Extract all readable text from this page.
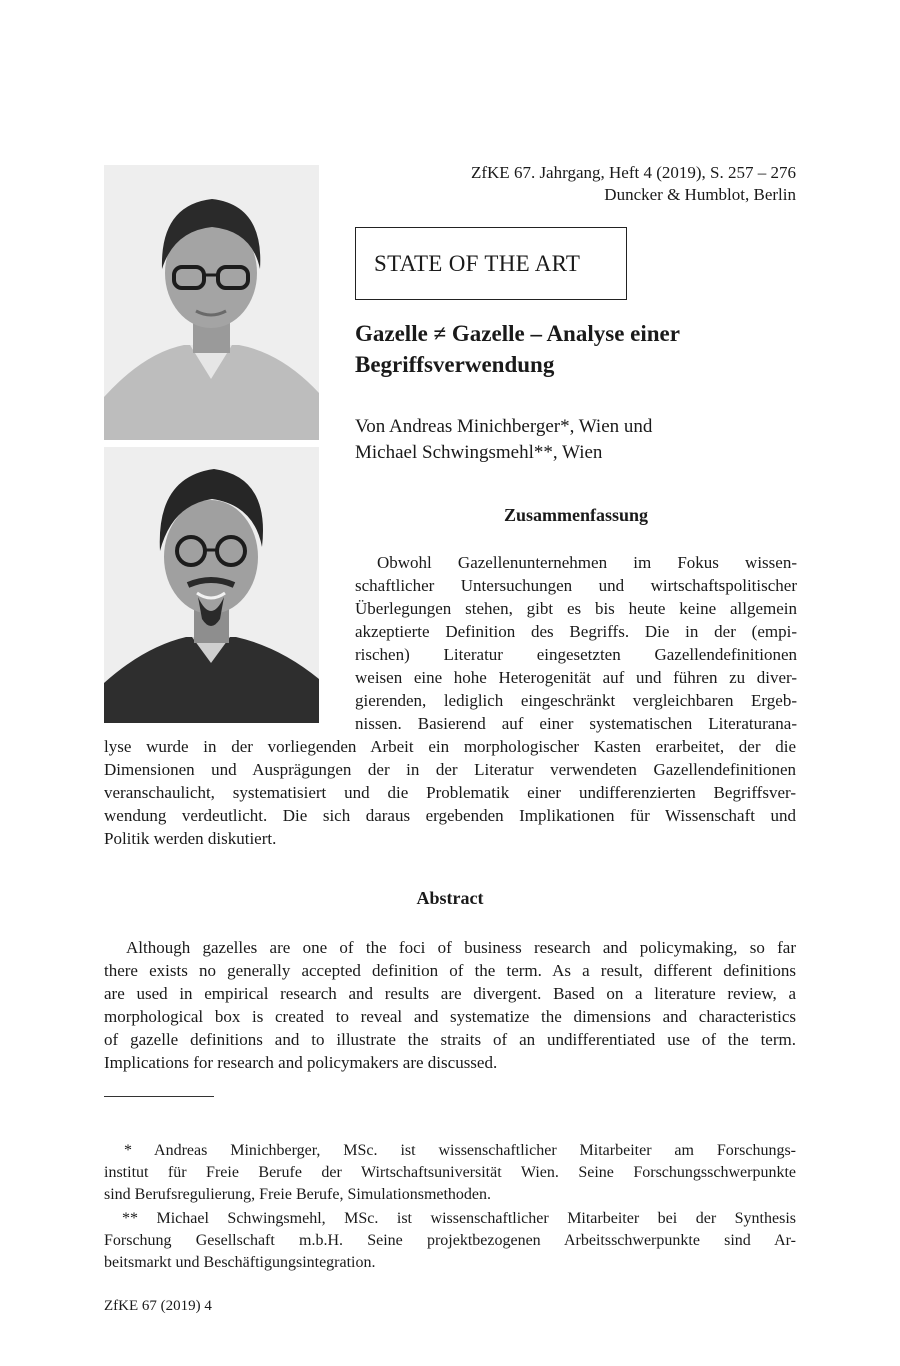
ZfKE 67. Jahrgang, Heft 4 (2019), S. 257 – 276
Duncker & Humblot, Berlin
STATE OF THE ART
Gazelle ≠ Gazelle – Analyse einer
Begriffsverwendung
Von Andreas Minichberger*, Wien und
Michael Schwingsmehl**, Wien
Zusammenfassung
Obwohl Gazellenunternehmen im Fokus wissen-
schaftlicher Untersuchungen und wirtschaftspolitischer
Überlegungen stehen, gibt es bis heute keine allgemein
akzeptierte Definition des Begriffs. Die in der (empi-
rischen) Literatur eingesetzten Gazellendefinitionen
weisen eine hohe Heterogenität auf und führen zu diver-
gierenden, lediglich eingeschränkt vergleichbaren Ergeb-
nissen. Basierend auf einer systematischen Literaturana-
lyse wurde in der vorliegenden Arbeit ein morphologischer Kasten erarbeitet, der die
Dimensionen und Ausprägungen der in der Literatur verwendeten Gazellendefinitionen
veranschaulicht, systematisiert und die Problematik einer undifferenzierten Begriffsver-
wendung verdeutlicht. Die sich daraus ergebenden Implikationen für Wissenschaft und
Politik werden diskutiert.
Abstract
Although gazelles are one of the foci of business research and policymaking, so far
there exists no generally accepted definition of the term. As a result, different definitions
are used in empirical research and results are divergent. Based on a literature review, a
morphological box is created to reveal and systematize the dimensions and characteristics
of gazelle definitions and to illustrate the straits of an undifferentiated use of the term.
Implications for research and policymakers are discussed.
* Andreas Minichberger, MSc. ist wissenschaftlicher Mitarbeiter am Forschungs-
institut für Freie Berufe der Wirtschaftsuniversität Wien. Seine Forschungsschwerpunkte
sind Berufsregulierung, Freie Berufe, Simulationsmethoden.
** Michael Schwingsmehl, MSc. ist wissenschaftlicher Mitarbeiter bei der Synthesis
Forschung Gesellschaft m.b.H. Seine projektbezogenen Arbeitsschwerpunkte sind Ar-
beitsmarkt und Beschäftigungsintegration.
ZfKE 67 (2019) 4
